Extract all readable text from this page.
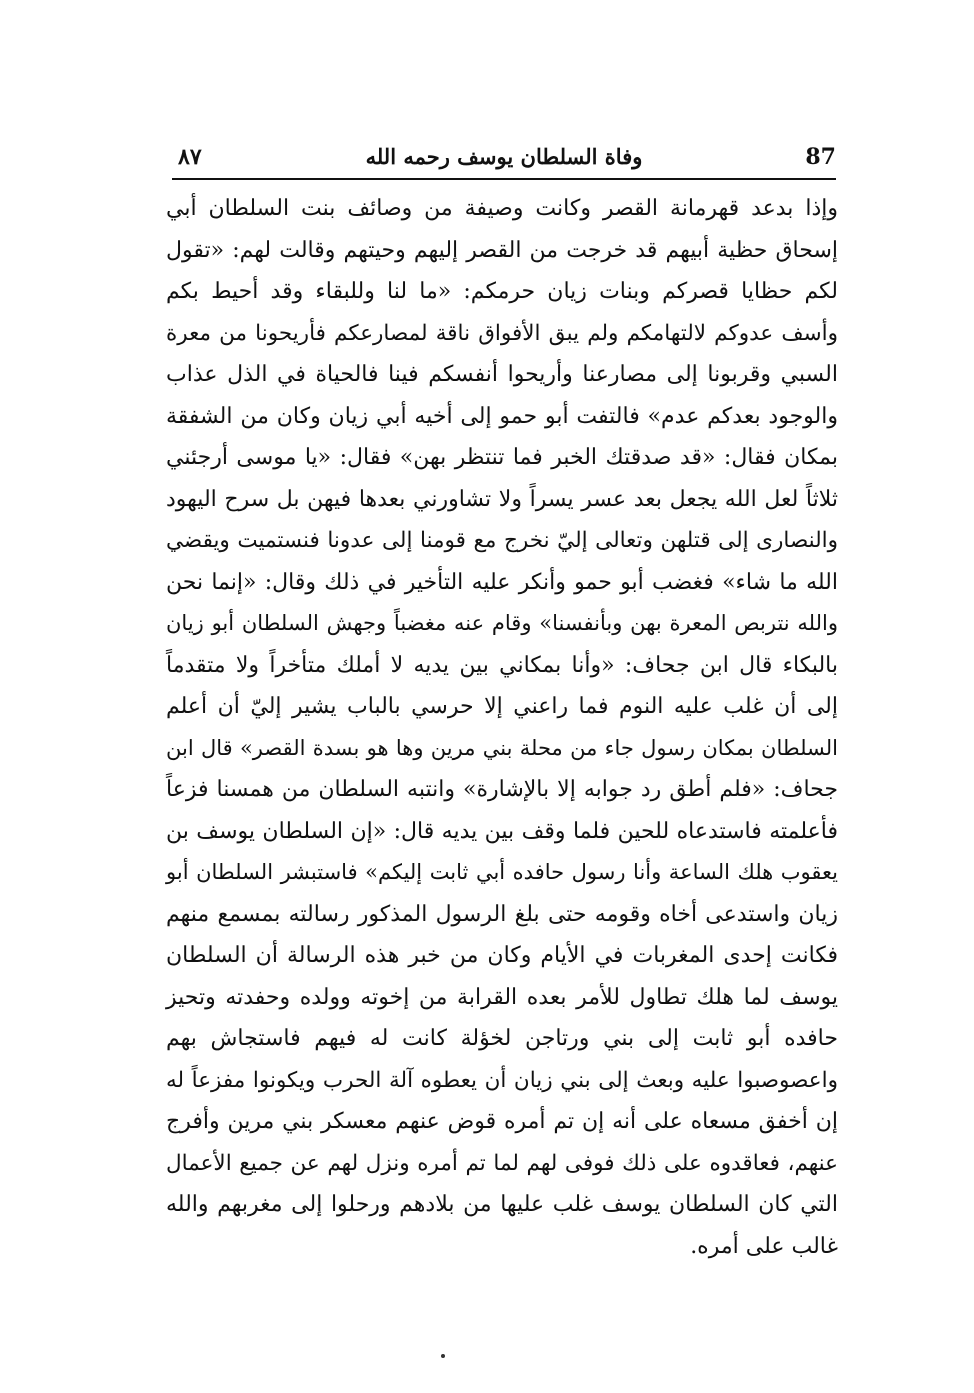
٨٧	وفاة السلطان يوسف رحمه الله	87
وإذا بدعد قهرمانة القصر وكانت وصيفة من وصائف بنت السلطان أبي
إسحاق حظية أبيهم قد خرجت من القصر إليهم وحيتهم وقالت لهم: «تقول
لكم حظايا قصركم وبنات زيان حرمكم: «ما لنا وللبقاء وقد أحيط بكم
وأسف عدوكم لالتهامكم ولم يبق الأفواق ناقة لمصارعكم فأريحونا من معرة
السبي وقربونا إلى مصارعنا وأريحوا أنفسكم فينا فالحياة في الذل عذاب
والوجود بعدكم عدم» فالتفت أبو حمو إلى أخيه أبي زيان وكان من الشفقة
بمكان فقال: «قد صدقتك الخبر فما تنتظر بهن» فقال: «يا موسى أرجئني
ثلاثاً لعل الله يجعل بعد عسر يسراً ولا تشاورني بعدها فيهن بل سرح اليهود
والنصارى إلى قتلهن وتعالى إليّ نخرج مع قومنا إلى عدونا فنستميت ويقضي
الله ما شاء» فغضب أبو حمو وأنكر عليه التأخير في ذلك وقال: «إنما نحن
والله نتربص المعرة بهن وبأنفسنا» وقام عنه مغضباً وجهش السلطان أبو زيان
بالبكاء قال ابن جحاف: «وأنا بمكاني بين يديه لا أملك متأخراً ولا متقدماً
إلى أن غلب عليه النوم فما راعني إلا حرسي بالباب يشير إليّ أن أعلم
السلطان بمكان رسول جاء من محلة بني مرين وها هو بسدة القصر» قال ابن
جحاف: «فلم أطق رد جوابه إلا بالإشارة» وانتبه السلطان من همسنا فزعاً
فأعلمته فاستدعاه للحين فلما وقف بين يديه قال: «إن السلطان يوسف بن
يعقوب هلك الساعة وأنا رسول حافده أبي ثابت إليكم» فاستبشر السلطان أبو
زيان واستدعى أخاه وقومه حتى بلغ الرسول المذكور رسالته بمسمع منهم
فكانت إحدى المغربات في الأيام وكان من خبر هذه الرسالة أن السلطان
يوسف لما هلك تطاول للأمر بعده القرابة من إخوته وولده وحفدته وتحيز
حافده أبو ثابت إلى بني ورتاجن لخؤلة كانت له فيهم فاستجاش بهم
واعصوصبوا عليه وبعث إلى بني زيان أن يعطوه آلة الحرب ويكونوا مفزعاً له
إن أخفق مسعاه على أنه إن تم أمره قوض عنهم معسكر بني مرين وأفرج
عنهم، فعاقدوه على ذلك فوفى لهم لما تم أمره ونزل لهم عن جميع الأعمال
التي كان السلطان يوسف غلب عليها من بلادهم ورحلوا إلى مغربهم والله
غالب على أمره.
